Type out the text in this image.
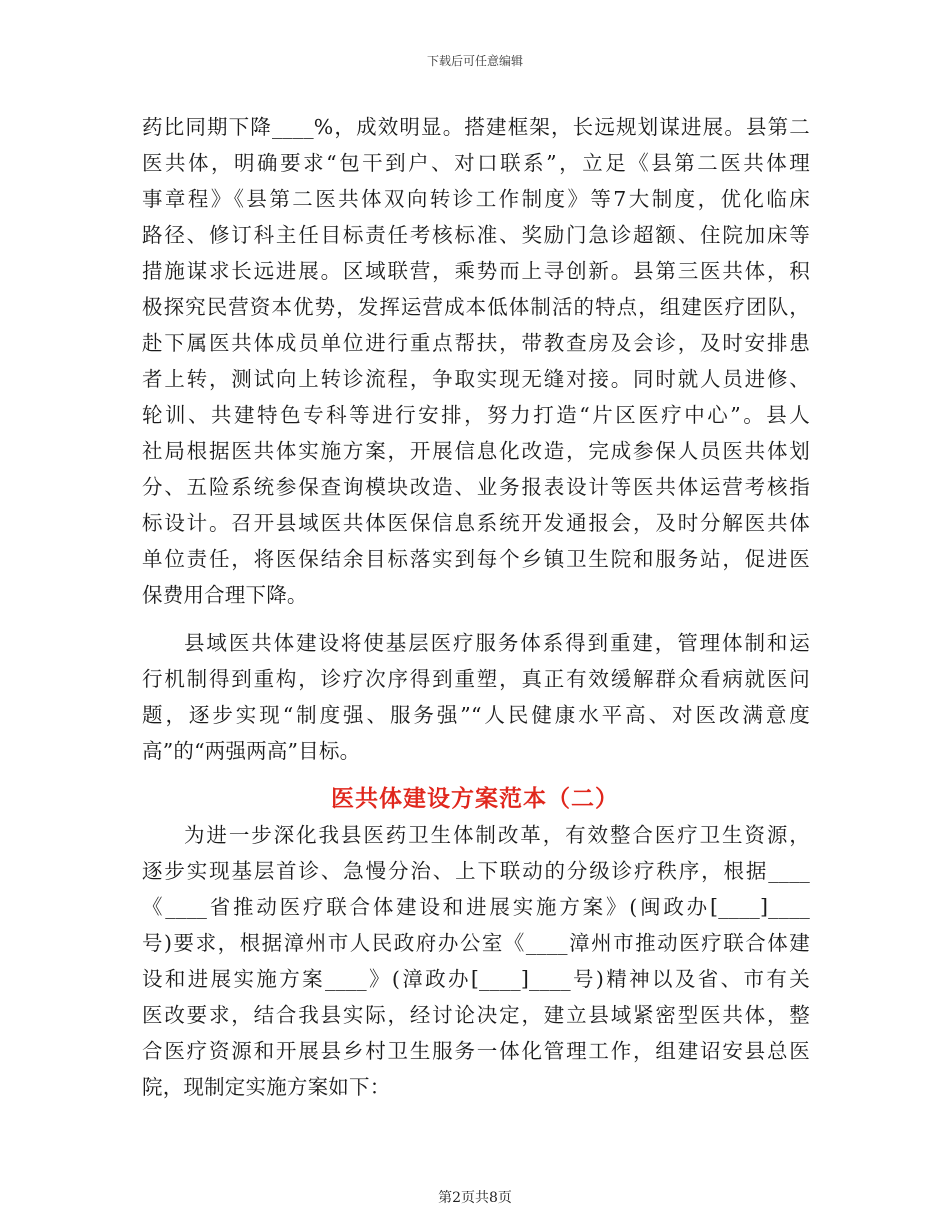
下载后可任意编辑
药比同期下降____%，成效明显。搭建框架，长远规划谋进展。县第二
医共体，明确要求“包干到户、对口联系”，立足《县第二医共体理
事章程》《县第二医共体双向转诊工作制度》等7大制度，优化临床
路径、修订科主任目标责任考核标准、奖励门急诊超额、住院加床等
措施谋求长远进展。区域联营，乘势而上寻创新。县第三医共体，积
极探究民营资本优势，发挥运营成本低体制活的特点，组建医疗团队，
赴下属医共体成员单位进行重点帮扶，带教查房及会诊，及时安排患
者上转，测试向上转诊流程，争取实现无缝对接。同时就人员进修、
轮训、共建特色专科等进行安排，努力打造“片区医疗中心”。县人
社局根据医共体实施方案，开展信息化改造，完成参保人员医共体划
分、五险系统参保查询模块改造、业务报表设计等医共体运营考核指
标设计。召开县域医共体医保信息系统开发通报会，及时分解医共体
单位责任，将医保结余目标落实到每个乡镇卫生院和服务站，促进医
保费用合理下降。
县域医共体建设将使基层医疗服务体系得到重建，管理体制和运
行机制得到重构，诊疗次序得到重塑，真正有效缓解群众看病就医问
题，逐步实现“制度强、服务强”“人民健康水平高、对医改满意度
高”的“两强两高”目标。
医共体建设方案范本（二）
为进一步深化我县医药卫生体制改革，有效整合医疗卫生资源，
逐步实现基层首诊、急慢分治、上下联动的分级诊疗秩序，根据____
《____省推动医疗联合体建设和进展实施方案》(闽政办[____]____
号)要求，根据漳州市人民政府办公室《____漳州市推动医疗联合体建
设和进展实施方案____》(漳政办[____]____号)精神以及省、市有关
医改要求，结合我县实际，经讨论决定，建立县域紧密型医共体，整
合医疗资源和开展县乡村卫生服务一体化管理工作，组建诏安县总医
院，现制定实施方案如下：
第2页共8页
